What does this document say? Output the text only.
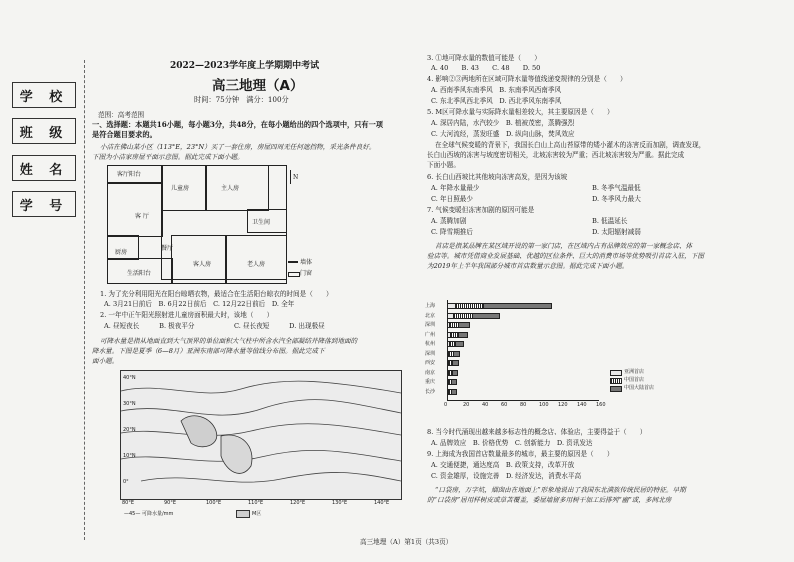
学 校
班 级
姓 名
学 号
2022—2023学年度上学期期中考试
高三地理（A）
时间：75分钟　满分：100分
范围：高考范围
一、选择题：本题共16小题，每小题3分，共48分，在每小题给出的四个选项中，只有一项
是符合题目要求的。
小洁在佛山某小区（113°E，23°N）买了一套住房，房屋四周无任何遮挡物，采光条件良好。
下图为小洁家房屋平面示意图。据此完成下面小题。
客厅阳台
客 厅
儿童房	主人房
卫生间
餐厅
厨房
客人房	老人房
生活阳台
N
墙体
门窗
1. 为了充分利用阳光在阳台晾晒衣物，最适合在生活阳台晾衣的时间是（　　）
A. 3月21日前后　B. 6月22日前后　C. 12月22日前后　D. 全年
2. 一年中正午阳光照射进儿童房面积最大时，该地（　　）
A. 昼短夜长　　　B. 极夜平分	C. 昼长夜短　　　D. 出现极昼
可降水量是指从地面直到大气顶界的单位面积大气柱中所含水汽全部凝结并降落到地面的
降水量。下图是夏季（6—8月）亚洲东南部可降水量等值线分布图。据此完成下
面小题。
40°N
30°N
20°N
10°N
0°
80°E	90°E	100°E	110°E	120°E	130°E	140°E
—45— 可降水量/mm	M区
3. ①地可降水量的数值可能是（　　）
A. 40　　B. 43　　C. 48　　D. 50
4. 影响②③两地所在区域可降水量等值线递变规律的分别是（　　）
A. 西南季风东南季风　B. 东南季风西南季风
C. 东北季风西北季风　D. 西北季风东南季风
5. M区可降水量与实际降水量相差较大，其主要原因是（　　）
A. 深居内陆，水汽较少　B. 植被茂密，蒸腾强烈
C. 大河流经，蒸发旺盛　D. 纵向山脉，焚风效应
在全球气候变暖的背景下，我国长白山上高山苔原带的矮小灌木的冻害反而加剧，调查发现，
长白山西坡的冻害与坡度密切相关，北坡冻害较为严重；西北坡冻害较为严重。据此完成
下面小题。
6. 长白山西坡比其他坡向冻害高发，是因为该坡
A. 年降水量最少	B. 冬季气温最低
C. 年日照最少	D. 冬季风力最大
7. 气候变暖但冻害加剧的原因可能是
A. 蒸腾加剧	B. 低温延长
C. 降雪期推后	D. 太阳辐射减弱
首店是指某品牌在某区域开设的第一家门店，在区域内占有品牌效应的第一家概念店、体
验店等。城市凭借商业发展基础、优越的区位条件、巨大的消费市场等优势吸引首店入驻，下图
为2019年上半年我国部分城市首店数量示意图。据此完成下面小题。
上海
北京
深圳
广州
杭州
深圳
西安
南京
重庆
长沙
0	20	40	60	80	100 120 140 160
亚洲首店
中国首店
中国大陆首店
8. 当今时代涌现出越来越多标志性的概念店、体验店，主要得益于（　　）
A. 品牌效应　B. 价格优势　C. 创新能力　D. 资讯发达
9. 上海成为我国首店数量最多的城市，最主要的原因是（　　）
A. 交通便捷，通达度高　B. 政策支持，改革开放
C. 资金雄厚，设施完善　D. 经济发达，消费水平高
“口袋房，万字炕，烟囱由在地面上”形象地说出了我国东北满族传统民居的特征。早期
的“口袋房”居用样树皮或草苫覆盖，委屋墙留多用树干加工后排列“幽”或，多间北房
高三地理（A）第1页（共3页）
